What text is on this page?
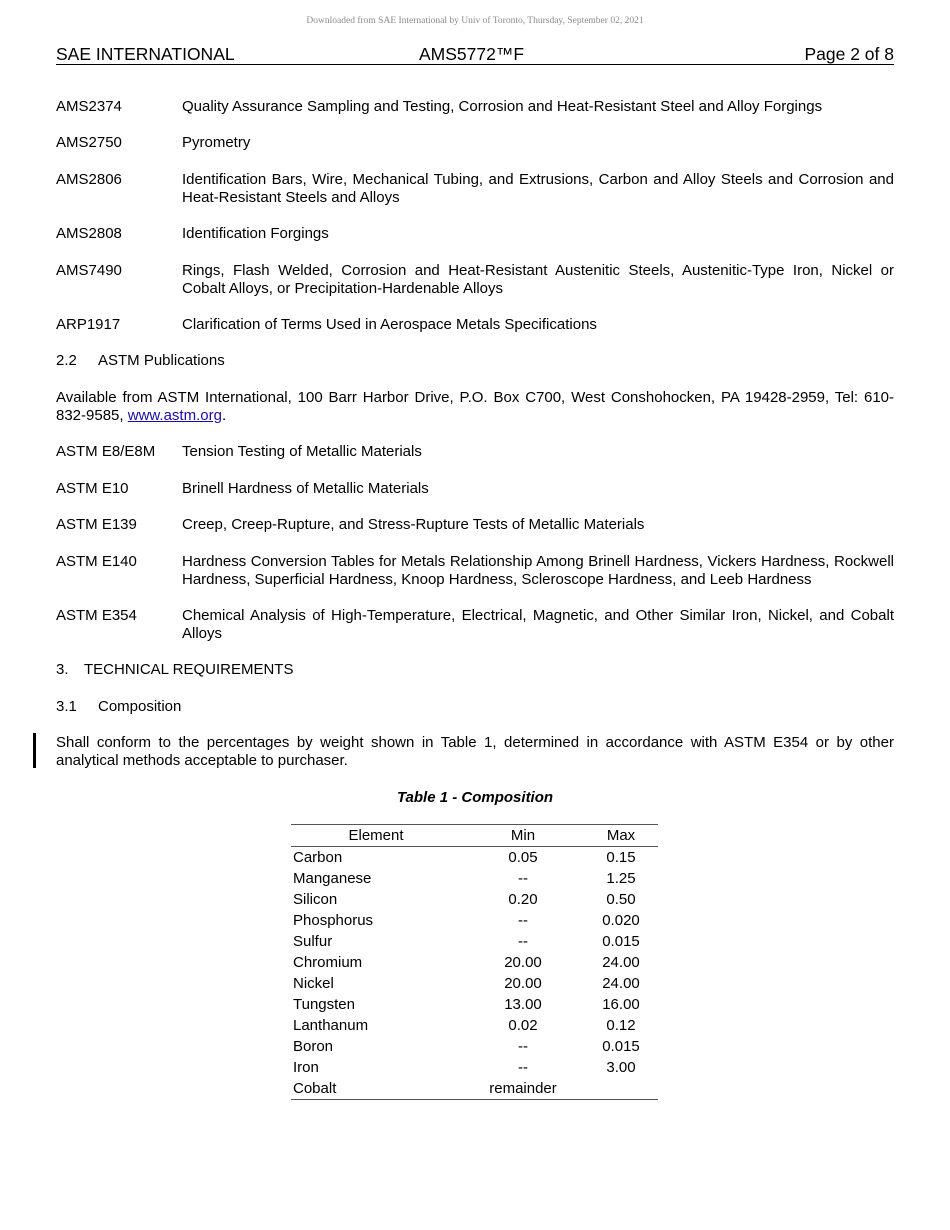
Downloaded from SAE International by Univ of Toronto, Thursday, September 02, 2021
SAE INTERNATIONAL	AMS5772™F	Page 2 of 8
AMS2374	Quality Assurance Sampling and Testing, Corrosion and Heat-Resistant Steel and Alloy Forgings
AMS2750	Pyrometry
AMS2806	Identification Bars, Wire, Mechanical Tubing, and Extrusions, Carbon and Alloy Steels and Corrosion and Heat-Resistant Steels and Alloys
AMS2808	Identification Forgings
AMS7490	Rings, Flash Welded, Corrosion and Heat-Resistant Austenitic Steels, Austenitic-Type Iron, Nickel or Cobalt Alloys, or Precipitation-Hardenable Alloys
ARP1917	Clarification of Terms Used in Aerospace Metals Specifications
2.2 ASTM Publications
Available from ASTM International, 100 Barr Harbor Drive, P.O. Box C700, West Conshohocken, PA 19428-2959, Tel: 610-832-9585, www.astm.org.
ASTM E8/E8M Tension Testing of Metallic Materials
ASTM E10	Brinell Hardness of Metallic Materials
ASTM E139	Creep, Creep-Rupture, and Stress-Rupture Tests of Metallic Materials
ASTM E140	Hardness Conversion Tables for Metals Relationship Among Brinell Hardness, Vickers Hardness, Rockwell Hardness, Superficial Hardness, Knoop Hardness, Scleroscope Hardness, and Leeb Hardness
ASTM E354	Chemical Analysis of High-Temperature, Electrical, Magnetic, and Other Similar Iron, Nickel, and Cobalt Alloys
3. TECHNICAL REQUIREMENTS
3.1 Composition
Shall conform to the percentages by weight shown in Table 1, determined in accordance with ASTM E354 or by other analytical methods acceptable to purchaser.
Table 1 - Composition
Element	Min	Max
Carbon	0.05	0.15
Manganese	--	1.25
Silicon	0.20	0.50
Phosphorus	--	0.020
Sulfur	--	0.015
Chromium	20.00	24.00
Nickel	20.00	24.00
Tungsten	13.00	16.00
Lanthanum	0.02	0.12
Boron	--	0.015
Iron	--	3.00
Cobalt	remainder
